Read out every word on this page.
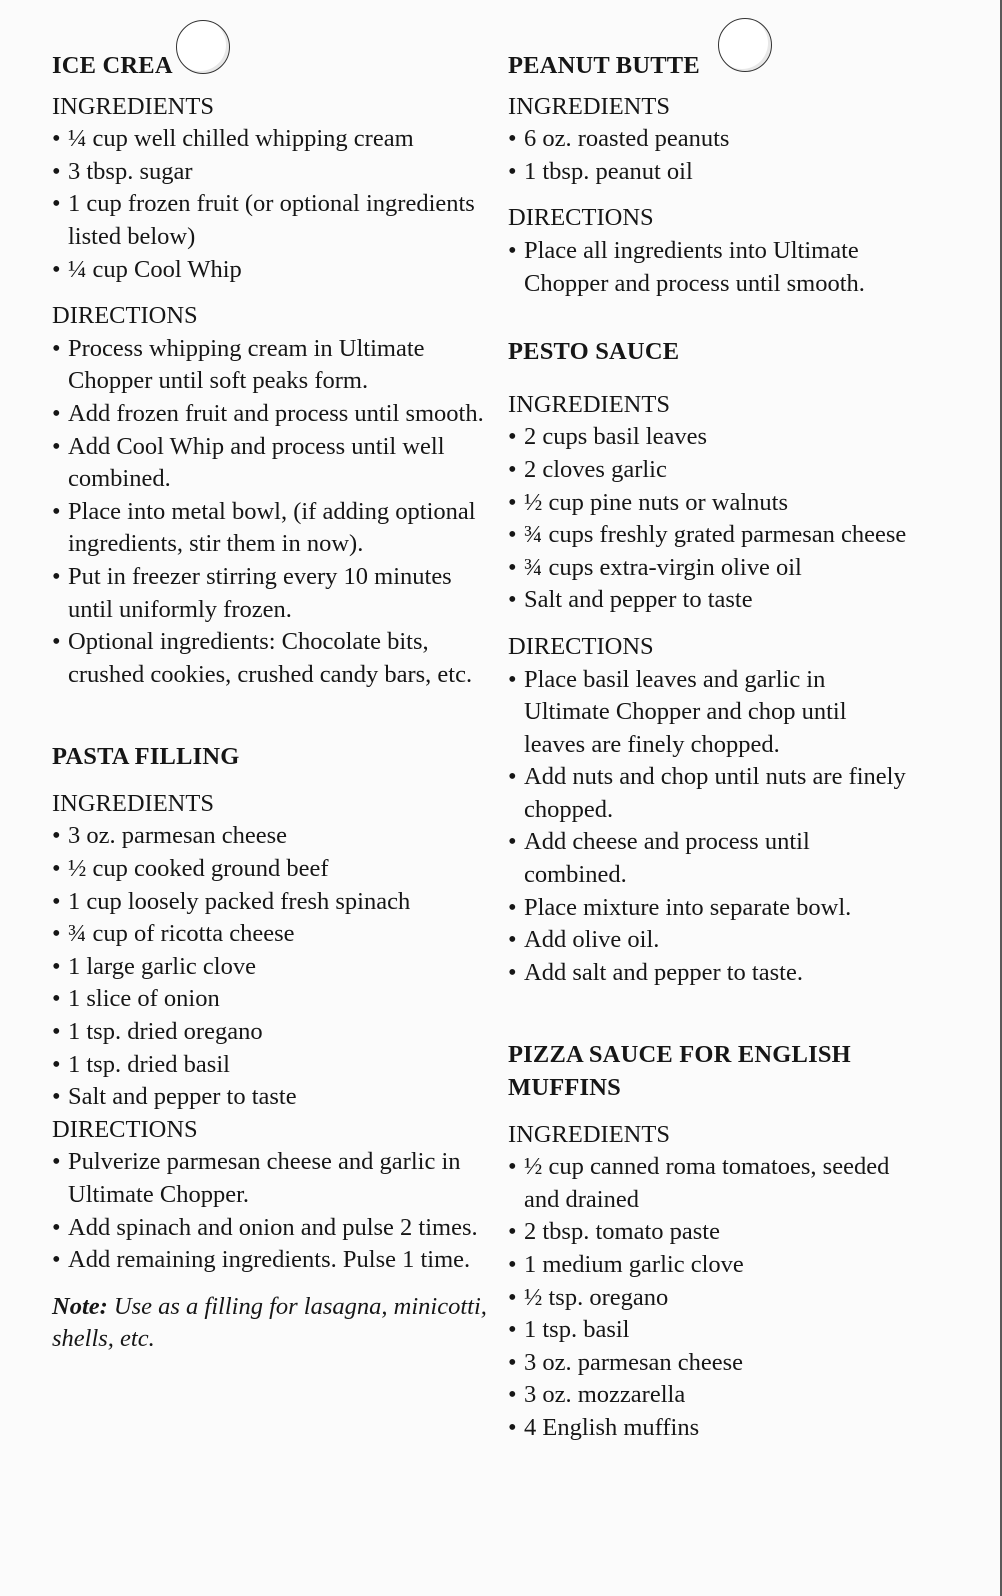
ICE CREA

INGREDIENTS

• ¼ cup well chilled whipping cream
• 3 tbsp. sugar
• 1 cup frozen fruit (or optional ingredients listed below)
• ¼ cup Cool Whip

DIRECTIONS

• Process whipping cream in Ultimate Chopper until soft peaks form.
• Add frozen fruit and process until smooth.
• Add Cool Whip and process until well combined.
• Place into metal bowl, (if adding optional ingredients, stir them in now).
• Put in freezer stirring every 10 minutes until uniformly frozen.
• Optional ingredients: Chocolate bits, crushed cookies, crushed candy bars, etc.
PASTA FILLING

INGREDIENTS

• 3 oz. parmesan cheese
• ½ cup cooked ground beef
• 1 cup loosely packed fresh spinach
• ¾ cup of ricotta cheese
• 1 large garlic clove
• 1 slice of onion
• 1 tsp. dried oregano
• 1 tsp. dried basil
• Salt and pepper to taste

DIRECTIONS

• Pulverize parmesan cheese and garlic in Ultimate Chopper.
• Add spinach and onion and pulse 2 times.
• Add remaining ingredients. Pulse 1 time.

Note: Use as a filling for lasagna, minicotti, shells, etc.

PEANUT BUTTE

INGREDIENTS

• 6 oz. roasted peanuts
• 1 tbsp. peanut oil

DIRECTIONS

• Place all ingredients into Ultimate Chopper and process until smooth.
PESTO SAUCE

INGREDIENTS

• 2 cups basil leaves
• 2 cloves garlic
• ½ cup pine nuts or walnuts
• ¾ cups freshly grated parmesan cheese
• ¾ cups extra-virgin olive oil
• Salt and pepper to taste

DIRECTIONS

• Place basil leaves and garlic in Ultimate Chopper and chop until leaves are finely chopped.
• Add nuts and chop until nuts are finely chopped.
• Add cheese and process until combined.
• Place mixture into separate bowl.
• Add olive oil.
• Add salt and pepper to taste.
PIZZA SAUCE FOR ENGLISH MUFFINS

INGREDIENTS

• ½ cup canned roma tomatoes, seeded and drained
• 2 tbsp. tomato paste
• 1 medium garlic clove
• ½ tsp. oregano
• 1 tsp. basil
• 3 oz. parmesan cheese
• 3 oz. mozzarella
• 4 English muffins
